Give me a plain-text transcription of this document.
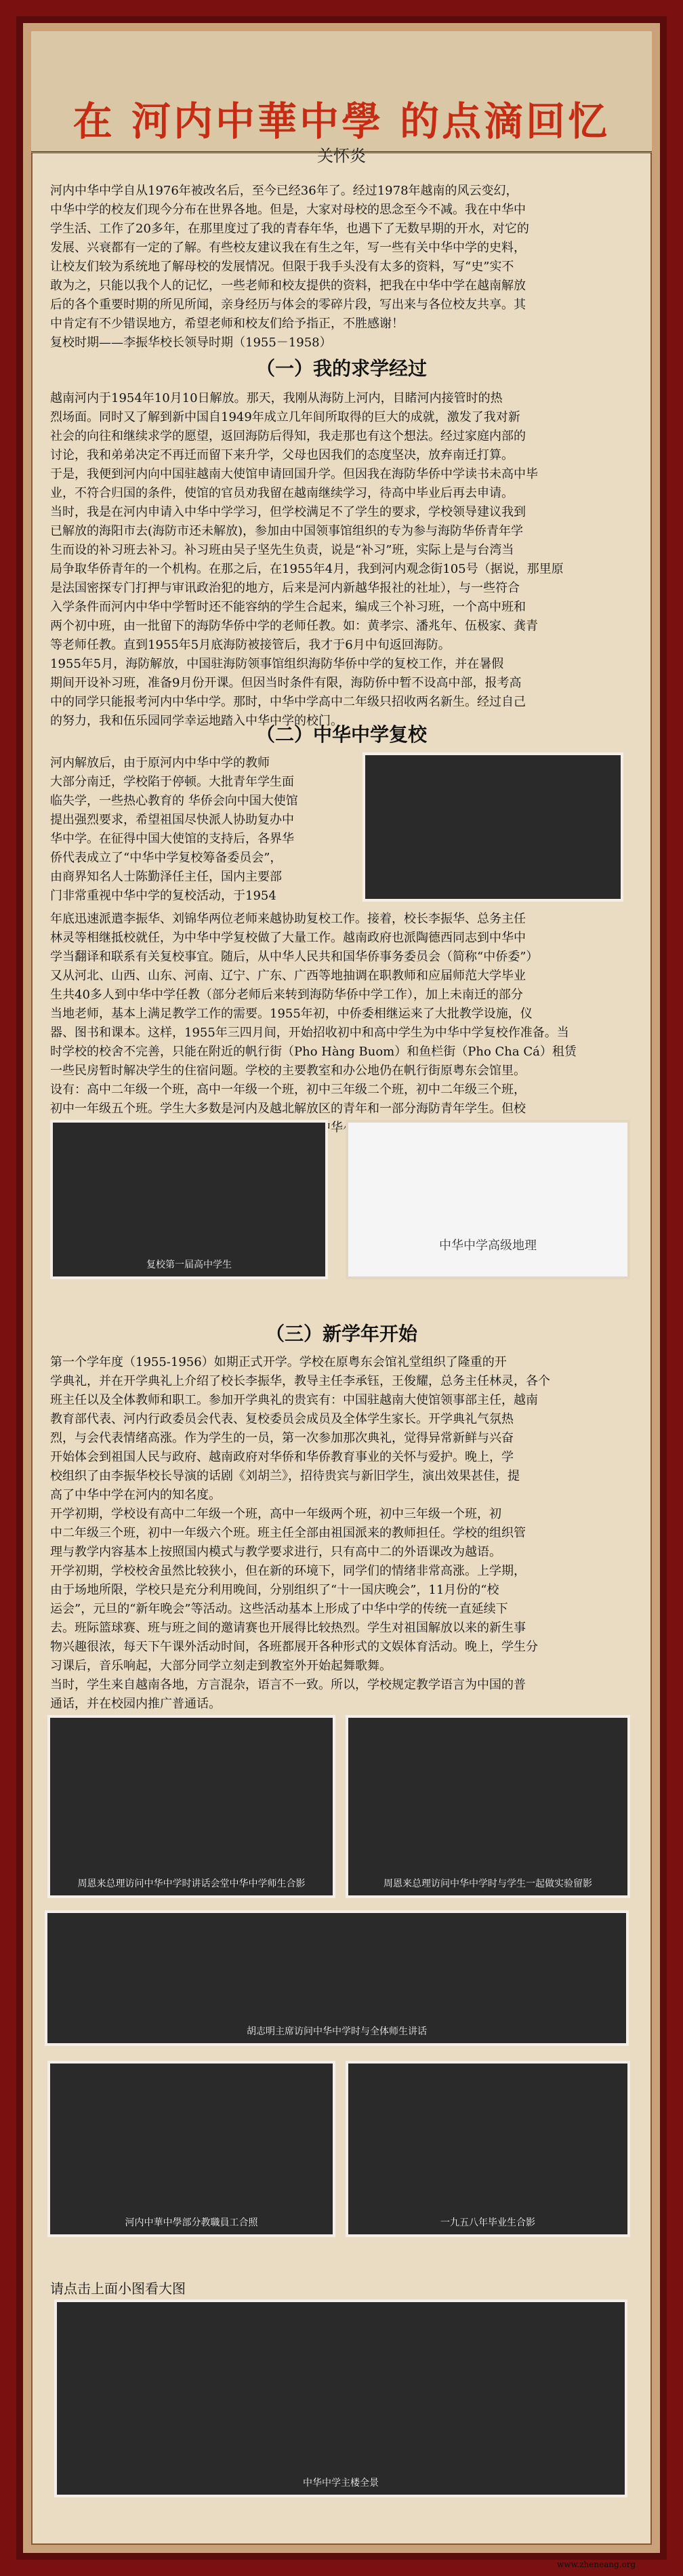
在 河内中華中學 的点滴回忆
关怀炎
河内中华中学自从1976年被改名后，至今已经36年了。经过1978年越南的风云变幻，
中华中学的校友们现今分布在世界各地。但是，大家对母校的思念至今不减。我在中华中
学生活、工作了20多年，在那里度过了我的青春年华，也遇下了无数早期的开水，对它的
发展、兴衰都有一定的了解。有些校友建议我在有生之年，写一些有关中华中学的史料，
让校友们较为系统地了解母校的发展情况。但限于我手头没有太多的资料，写“史”实不
敢为之，只能以我个人的记忆，一些老师和校友提供的资料，把我在中华中学在越南解放
后的各个重要时期的所见所闻，亲身经历与体会的零碎片段，写出来与各位校友共享。其
中肯定有不少错误地方，希望老师和校友们给予指正，不胜感谢！
复校时期——李振华校长领导时期（1955－1958）
（一）我的求学经过
越南河内于1954年10月10日解放。那天，我刚从海防上河内，目睹河内接管时的热
烈场面。同时又了解到新中国自1949年成立几年间所取得的巨大的成就，激发了我对新
社会的向往和继续求学的愿望，返回海防后得知，我走那也有这个想法。经过家庭内部的
讨论，我和弟弟决定不再迁而留下来升学，父母也因我们的态度坚决，放弃南迁打算。
于是，我便到河内向中国驻越南大使馆申请回国升学。但因我在海防华侨中学读书未高中毕
业，不符合归国的条件，使馆的官员劝我留在越南继续学习，待高中毕业后再去申请。
当时，我是在河内申请入中华中学学习，但学校满足不了学生的要求，学校领导建议我到
已解放的海阳市去(海防市还未解放)，参加由中国领事馆组织的专为参与海防华侨青年学
生而设的补习班去补习。补习班由吴子坚先生负责，说是“补习”班，实际上是与台湾当
局争取华侨青年的一个机构。在那之后，在1955年4月，我到河内观念街105号（据说，那里原
是法国密探专门打押与审讯政治犯的地方，后来是河内新越华报社的社址），与一些符合
入学条件而河内中华中学暂时还不能容纳的学生合起来，编成三个补习班，一个高中班和
两个初中班，由一批留下的海防华侨中学的老师任教。如：黄孝宗、潘兆年、伍极家、龚青
等老师任教。直到1955年5月底海防被接管后，我才于6月中旬返回海防。
1955年5月，海防解放，中国驻海防领事馆组织海防华侨中学的复校工作，并在暑假
期间开设补习班，准备9月份开课。但因当时条件有限，海防侨中暂不设高中部，报考高
中的同学只能报考河内中华中学。那时，中华中学高中二年级只招收两名新生。经过自己
的努力，我和伍乐园同学幸运地踏入中华中学的校门。
（二）中华中学复校
河内解放后，由于原河内中华中学的教师
大部分南迁，学校陷于停顿。大批青年学生面
临失学，一些热心教育的 华侨会向中国大使馆
提出强烈要求，希望祖国尽快派人协助复办中
华中学。在征得中国大使馆的支持后，各界华
侨代表成立了“中华中学复校筹备委员会”，
由商界知名人士陈勤泽任主任，国内主要部
门非常重视中华中学的复校活动，于1954
年底迅速派遣李振华、刘锦华两位老师来越协助复校工作。接着，校长李振华、总务主任
林灵等相继抵校就任，为中华中学复校做了大量工作。越南政府也派陶德西同志到中华中
学当翻译和联系有关复校事宜。随后，从中华人民共和国华侨事务委员会（简称“中侨委”）
又从河北、山西、山东、河南、辽宁、广东、广西等地抽调在职教师和应届师范大学毕业
生共40多人到中华中学任教（部分老师后来转到海防华侨中学工作），加上未南迁的部分
当地老师，基本上满足教学工作的需要。1955年初，中侨委相继运来了大批教学设施，仪
器、图书和课本。这样，1955年三四月间，开始招收初中和高中学生为中华中学复校作准备。当
时学校的校舍不完善，只能在附近的帆行街（Pho Hàng Buom）和鱼栏街（Pho Cha Cá）租赁
一些民房暂时解决学生的住宿问题。学校的主要教室和办公地仍在帆行街原粤东会馆里。
设有：高中二年级一个班，高中一年级一个班，初中三年级二个班，初中二年级三个班，
初中一年级五个班。学生大多数是河内及越北解放区的青年和一部分海防青年学生。但校
复校第一届高中学生
中华中学高级地理
（三）新学年开始
第一个学年度（1955-1956）如期正式开学。学校在原粤东会馆礼堂组织了隆重的开
学典礼，并在开学典礼上介绍了校长李振华，教导主任李承钰，王俊耀，总务主任林灵，各个
班主任以及全体教师和职工。参加开学典礼的贵宾有：中国驻越南大使馆领事部主任，越南
教育部代表、河内行政委员会代表、复校委员会成员及全体学生家长。开学典礼气氛热
烈，与会代表情绪高涨。作为学生的一员，第一次参加那次典礼，觉得异常新鲜与兴奋
开始体会到祖国人民与政府、越南政府对华侨和华侨教育事业的关怀与爱护。晚上，学
校组织了由李振华校长导演的话剧《刘胡兰》，招待贵宾与新旧学生，演出效果甚佳，提
高了中华中学在河内的知名度。
开学初期，学校设有高中二年级一个班，高中一年级两个班，初中三年级一个班，初
中二年级三个班，初中一年级六个班。班主任全部由祖国派来的教师担任。学校的组织管
理与教学内容基本上按照国内模式与教学要求进行，只有高中二的外语课改为越语。
开学初期，学校校舍虽然比较狭小，但在新的环境下，同学们的情绪非常高涨。上学期，
由于场地所限，学校只是充分利用晚间，分别组织了“十一国庆晚会”，11月份的“校
运会”，元旦的“新年晚会”等活动。这些活动基本上形成了中华中学的传统一直延续下
去。班际篮球赛、班与班之间的邀请赛也开展得比较热烈。学生对祖国解放以来的新生事
物兴趣很浓，每天下午课外活动时间，各班都展开各种形式的文娱体育活动。晚上，学生分
习课后，音乐响起，大部分同学立刻走到教室外开始起舞歌舞。
当时，学生来自越南各地，方言混杂，语言不一致。所以，学校规定教学语言为中国的普
通话，并在校园内推广普通话。
周恩来总理访问中华中学时讲话会堂中华中学师生合影	周恩来总理访问中华中学时与学生一起做实验留影
胡志明主席访问中华中学时与全体师生讲话
河内中華中學部分教職員工合照	一九五八年毕业生合影
请点击上面小图看大图
中华中学主楼全景
www.zheneang.org
